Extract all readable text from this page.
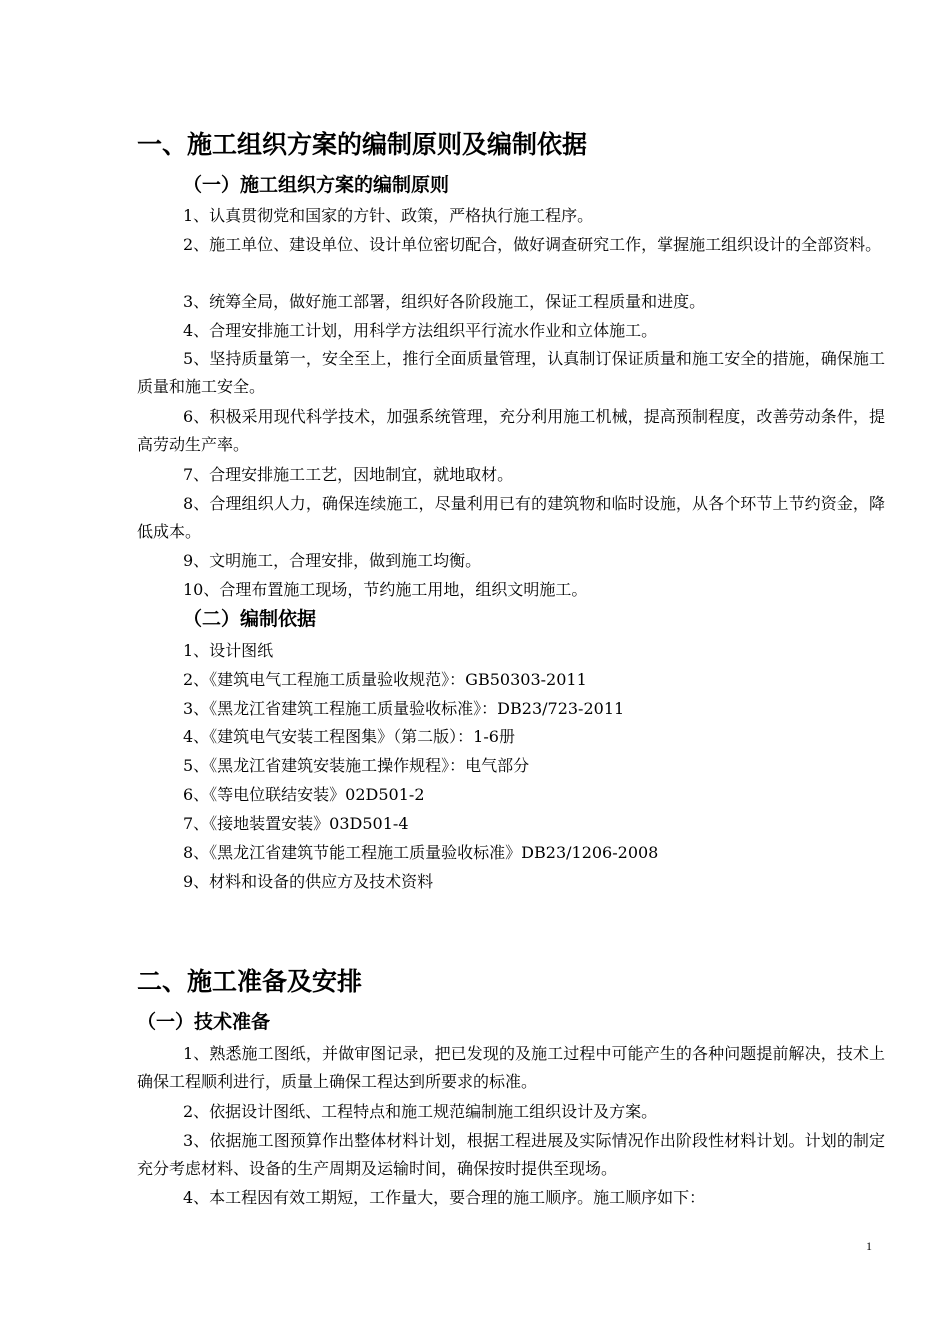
一、施工组织方案的编制原则及编制依据
（一）施工组织方案的编制原则
1、认真贯彻党和国家的方针、政策，严格执行施工程序。
2、施工单位、建设单位、设计单位密切配合，做好调查研究工作，掌握施工组织设计的全部资料。
3、统筹全局，做好施工部署，组织好各阶段施工，保证工程质量和进度。
4、合理安排施工计划，用科学方法组织平行流水作业和立体施工。
5、坚持质量第一，安全至上，推行全面质量管理，认真制订保证质量和施工安全的措施，确保施工质量和施工安全。
6、积极采用现代科学技术，加强系统管理，充分利用施工机械，提高预制程度，改善劳动条件，提高劳动生产率。
7、合理安排施工工艺，因地制宜，就地取材。
8、合理组织人力，确保连续施工，尽量利用已有的建筑物和临时设施，从各个环节上节约资金，降低成本。
9、文明施工，合理安排，做到施工均衡。
10、合理布置施工现场，节约施工用地，组织文明施工。
（二）编制依据
1、设计图纸
2、《建筑电气工程施工质量验收规范》：GB50303-2011
3、《黑龙江省建筑工程施工质量验收标准》：DB23/723-2011
4、《建筑电气安装工程图集》（第二版）：1-6册
5、《黑龙江省建筑安装施工操作规程》：电气部分
6、《等电位联结安装》02D501-2
7、《接地装置安装》03D501-4
8、《黑龙江省建筑节能工程施工质量验收标准》DB23/1206-2008
9、材料和设备的供应方及技术资料
二、施工准备及安排
（一）技术准备
1、熟悉施工图纸，并做审图记录，把已发现的及施工过程中可能产生的各种问题提前解决，技术上确保工程顺利进行，质量上确保工程达到所要求的标准。
2、依据设计图纸、工程特点和施工规范编制施工组织设计及方案。
3、依据施工图预算作出整体材料计划，根据工程进展及实际情况作出阶段性材料计划。计划的制定充分考虑材料、设备的生产周期及运输时间，确保按时提供至现场。
4、本工程因有效工期短，工作量大，要合理的施工顺序。施工顺序如下：
1
